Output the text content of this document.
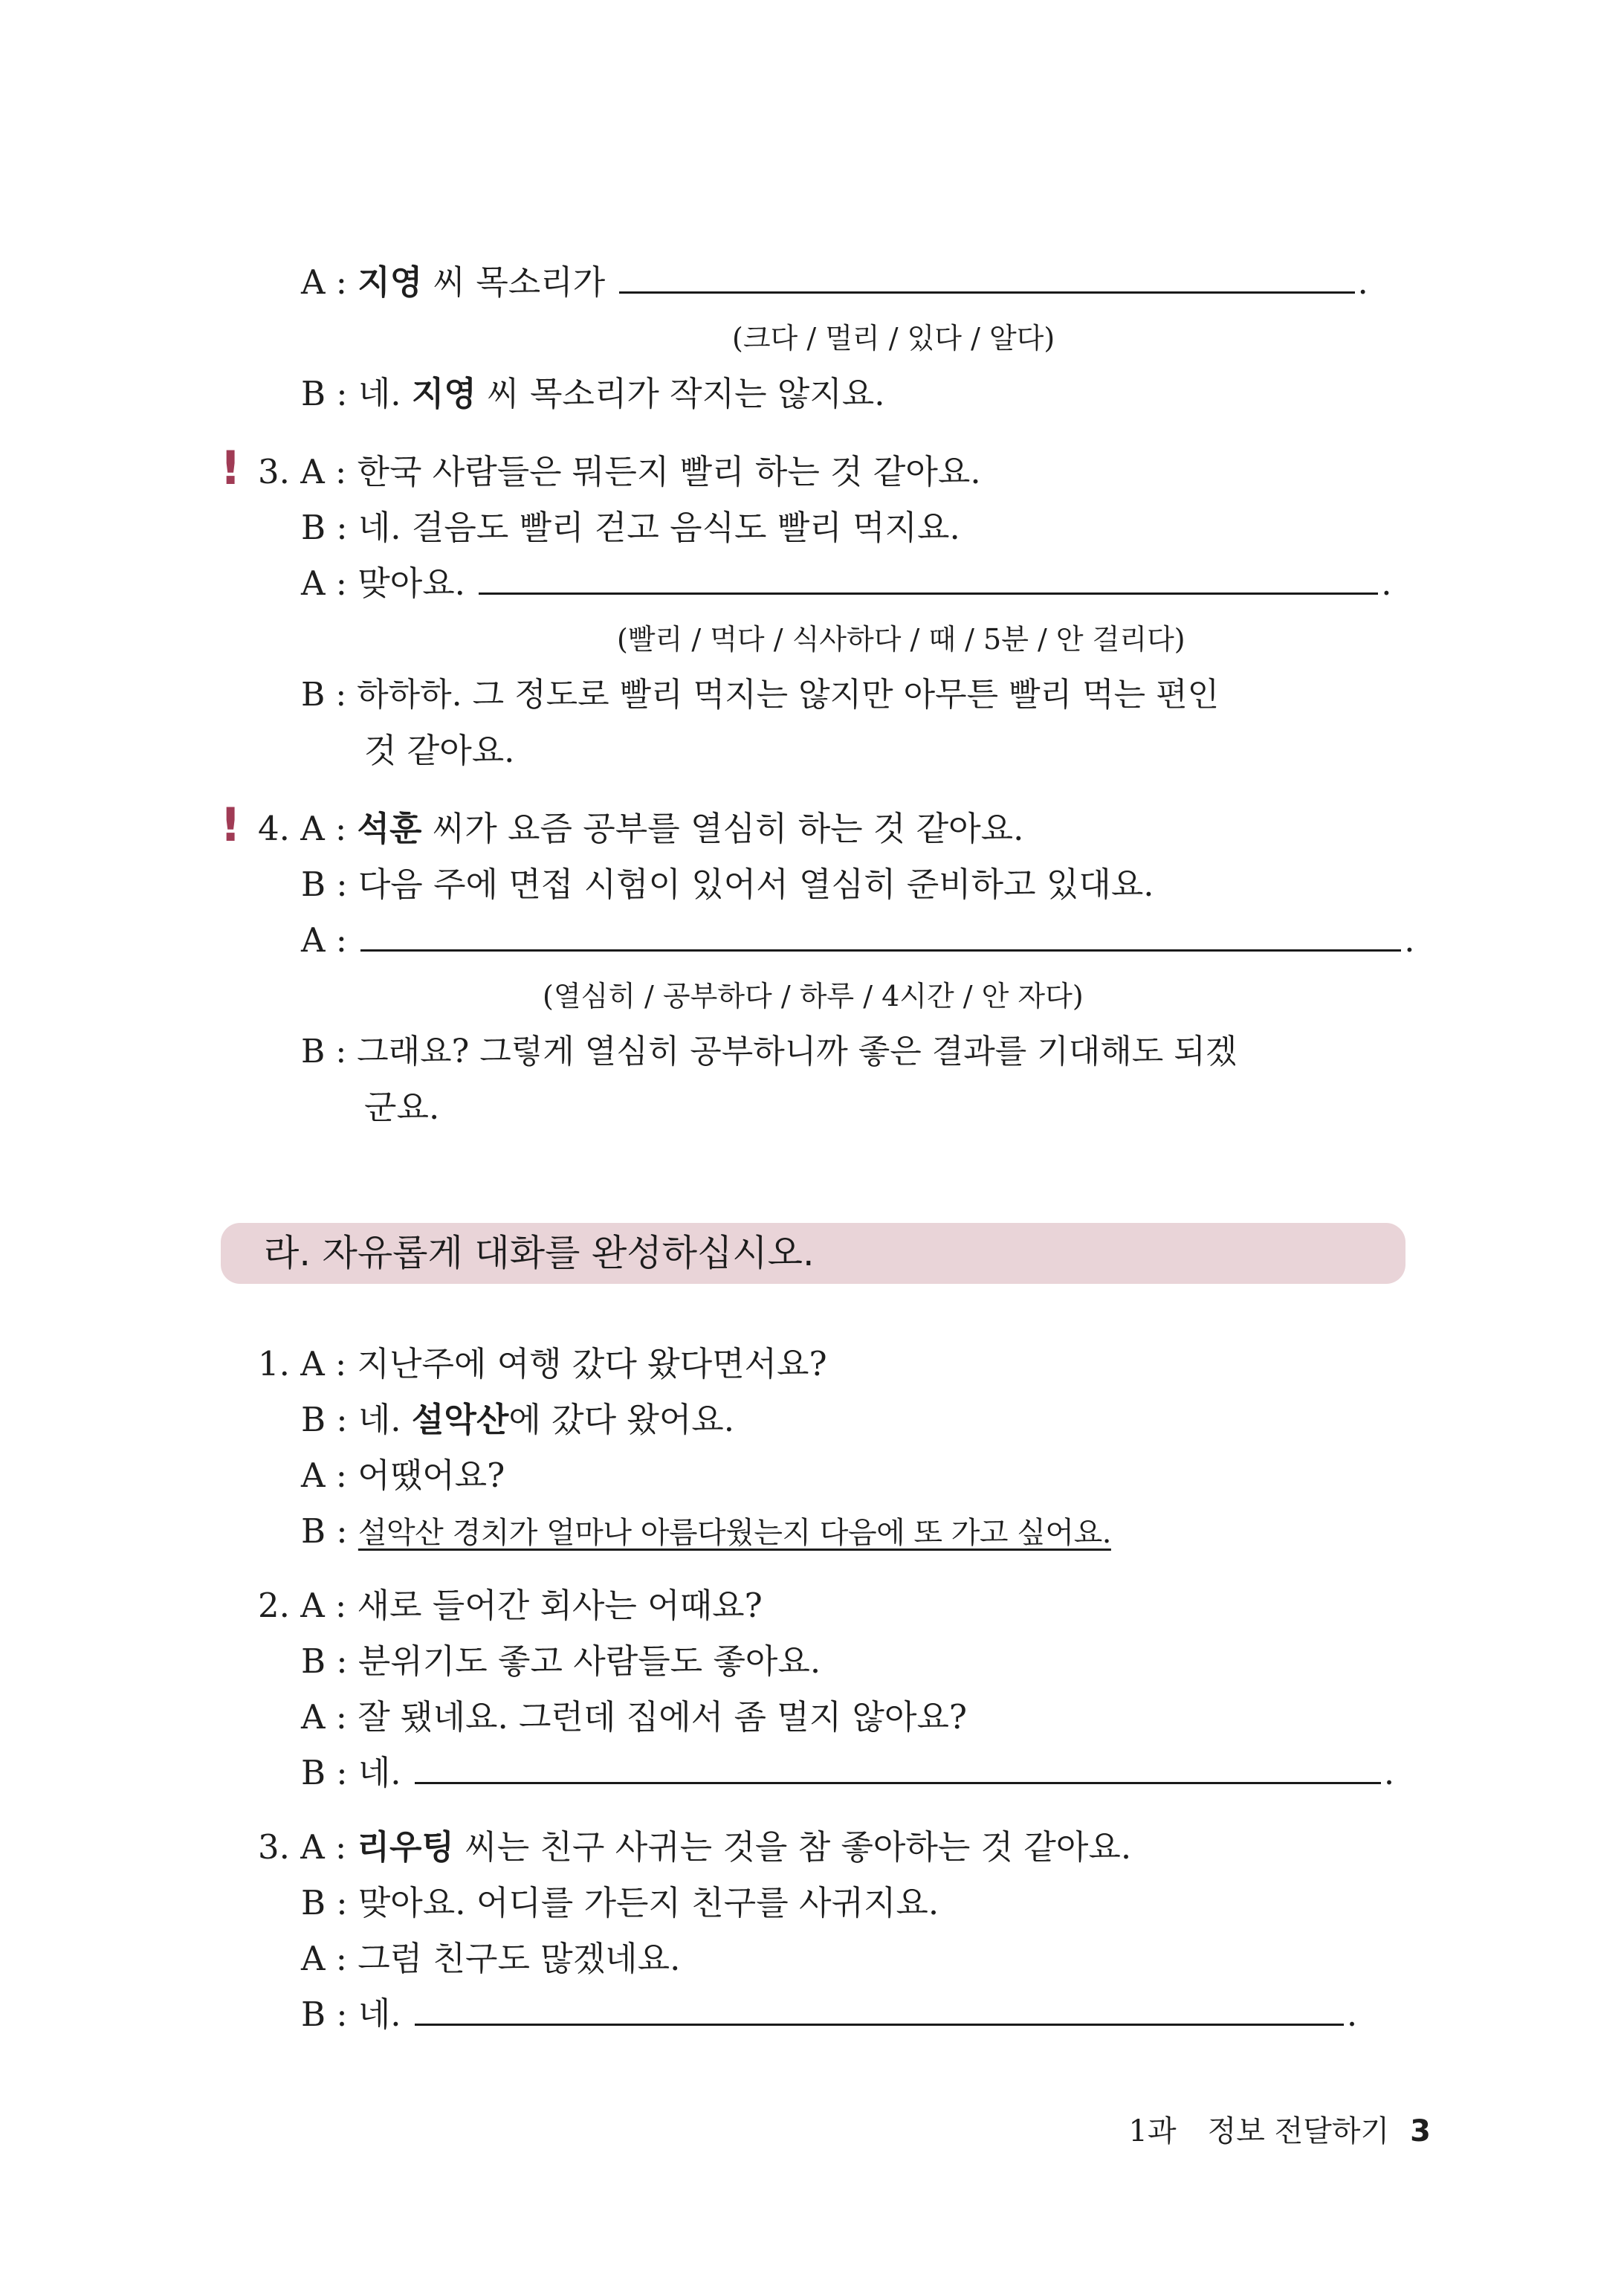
A : 지영 씨 목소리가	.
(크다 / 멀리 / 있다 / 알다)
B : 네. 지영 씨 목소리가 작지는 않지요.
! 3. A : 한국 사람들은 뭐든지 빨리 하는 것 같아요.
B : 네. 걸음도 빨리 걷고 음식도 빨리 먹지요.
A : 맞아요.	.
(빨리 / 먹다 / 식사하다 / 때 / 5분 / 안 걸리다)
B : 하하하. 그 정도로 빨리 먹지는 않지만 아무튼 빨리 먹는 편인
것 같아요.
! 4. A : 석훈 씨가 요즘 공부를 열심히 하는 것 같아요.
B : 다음 주에 면접 시험이 있어서 열심히 준비하고 있대요.
A :	.
(열심히 / 공부하다 / 하루 / 4시간 / 안 자다)
B : 그래요? 그렇게 열심히 공부하니까 좋은 결과를 기대해도 되겠
군요.
라. 자유롭게 대화를 완성하십시오.
1. A : 지난주에 여행 갔다 왔다면서요?
B : 네. 설악산에 갔다 왔어요.
A : 어땠어요?
B : 설악산 경치가 얼마나 아름다웠는지 다음에 또 가고 싶어요.
2. A : 새로 들어간 회사는 어때요?
B : 분위기도 좋고 사람들도 좋아요.
A : 잘 됐네요. 그런데 집에서 좀 멀지 않아요?
B : 네.	.
3. A : 리우팅 씨는 친구 사귀는 것을 참 좋아하는 것 같아요.
B : 맞아요. 어디를 가든지 친구를 사귀지요.
A : 그럼 친구도 많겠네요.
B : 네.	.
1과 정보 전달하기 3
